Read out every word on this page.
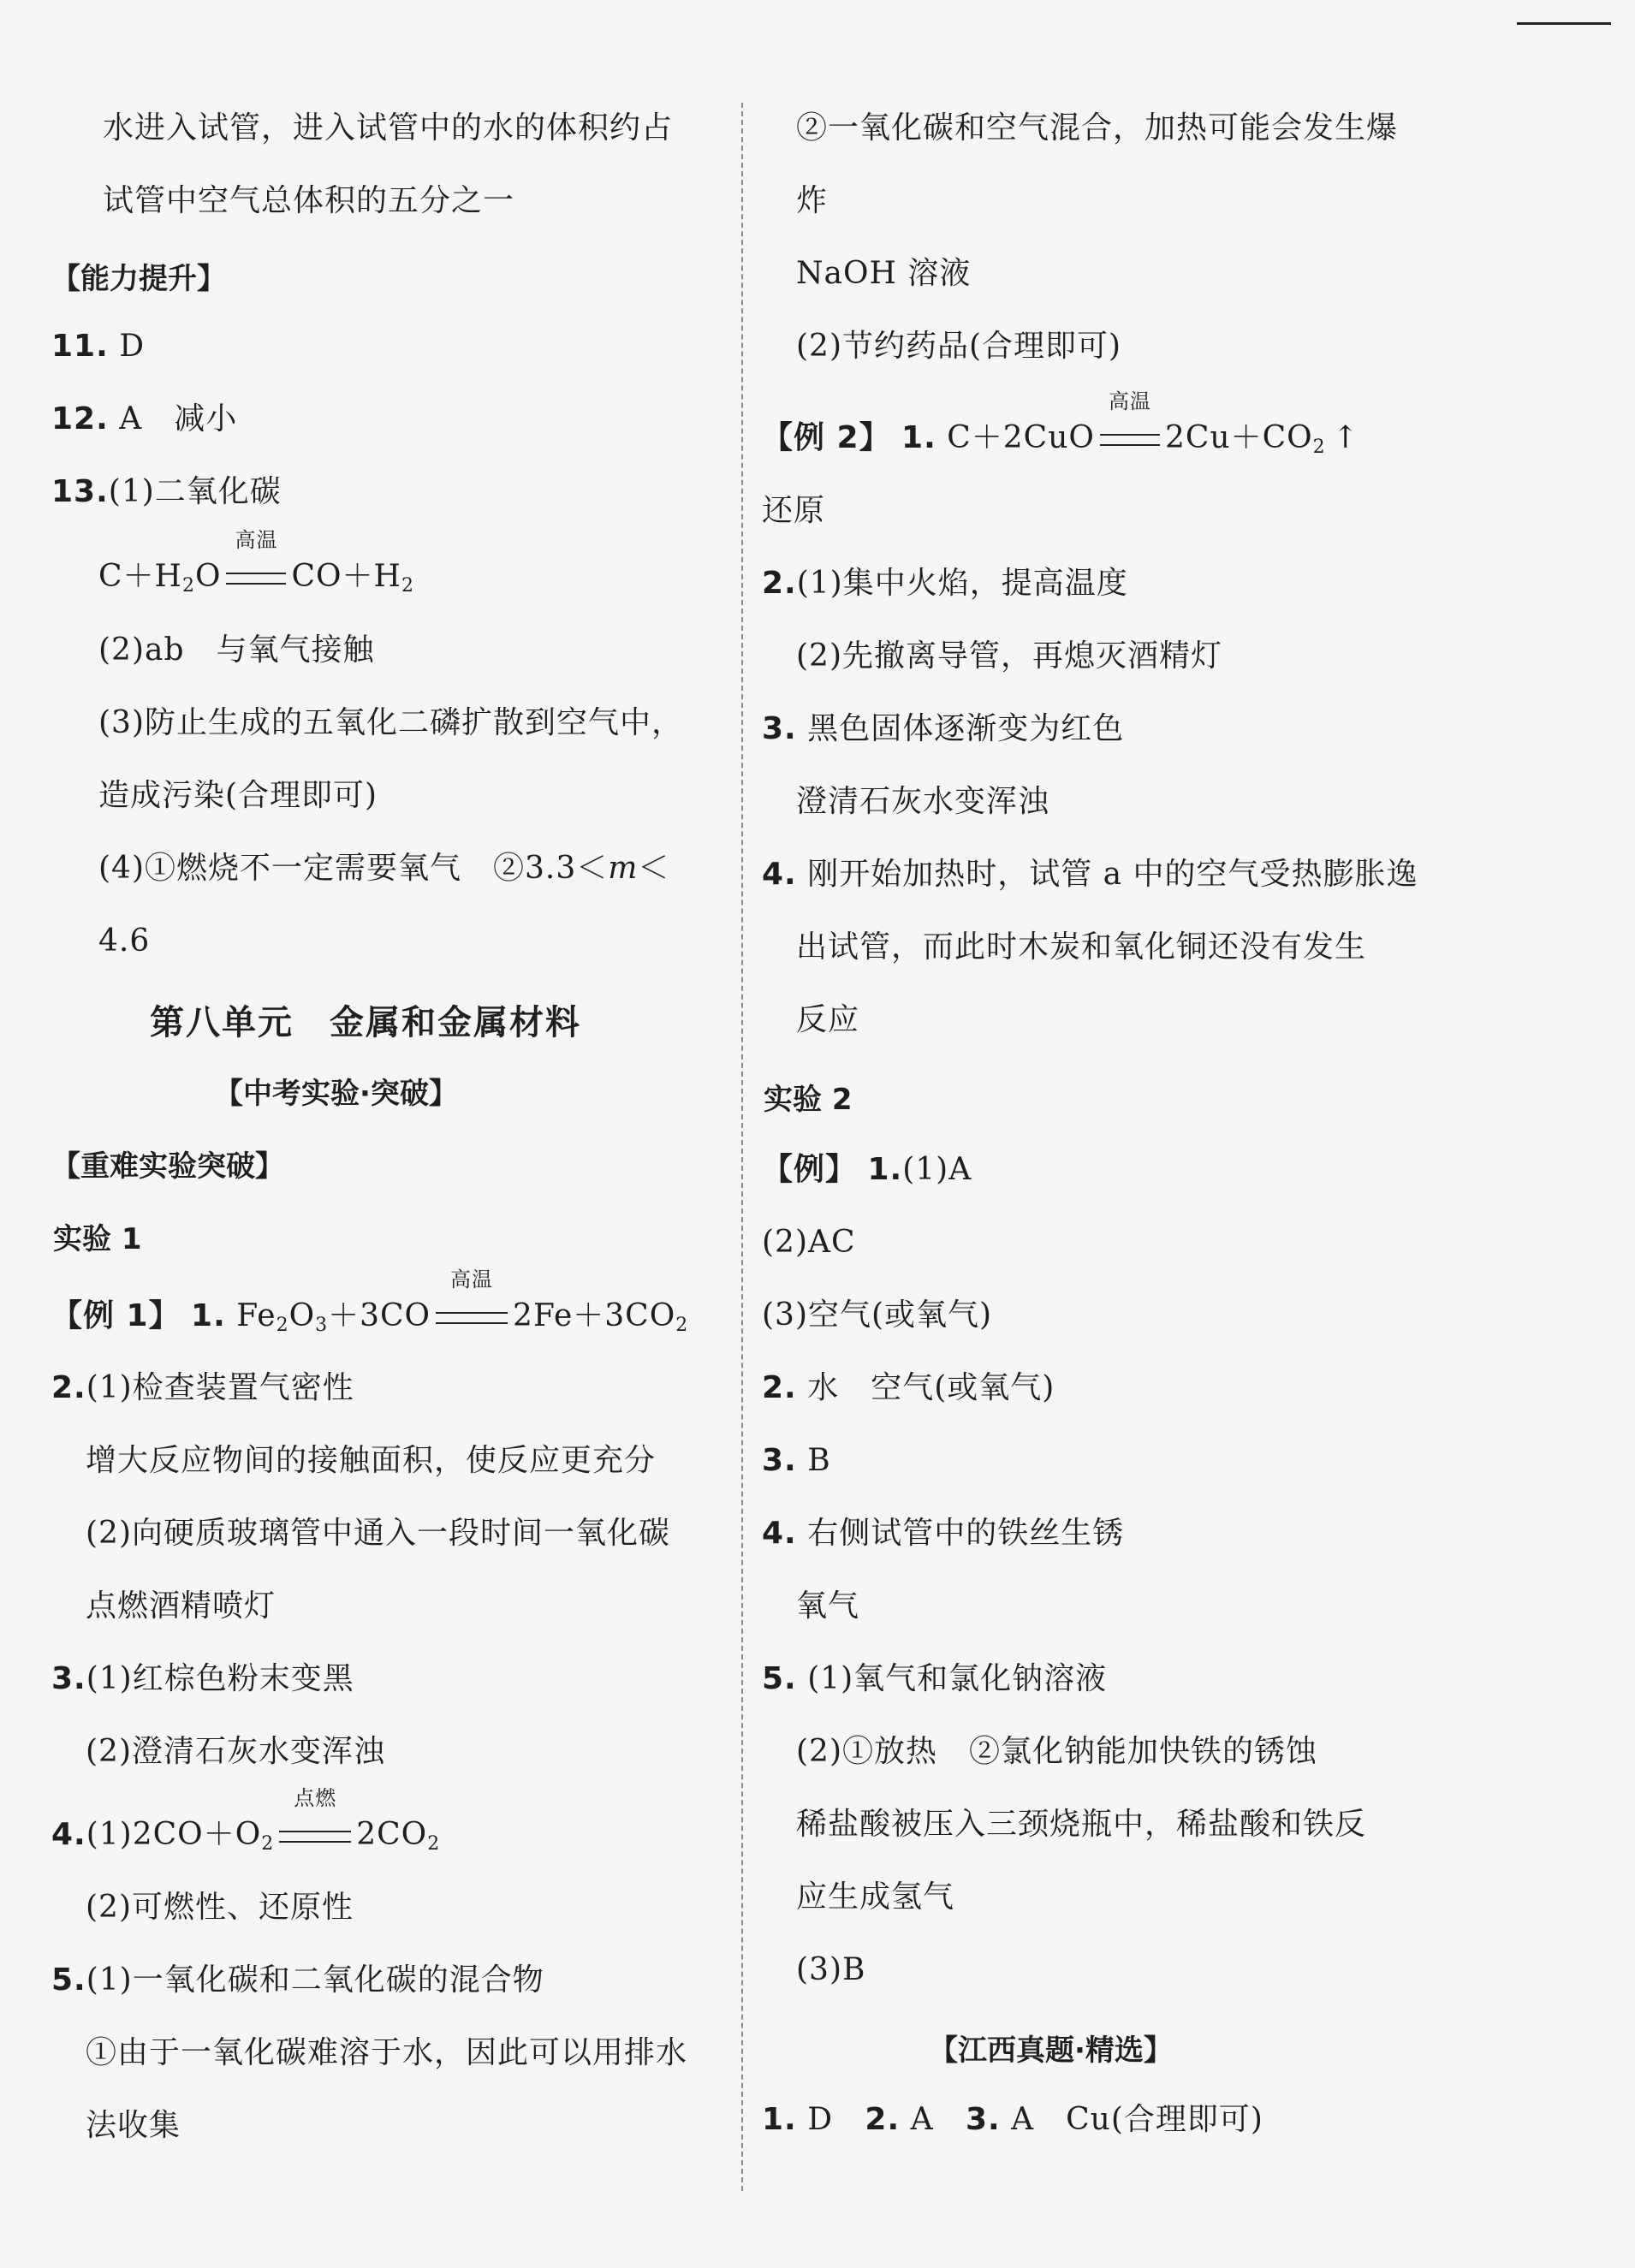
水进入试管，进入试管中的水的体积约占
试管中空气总体积的五分之一
【能力提升】
11. D
12. A　减小
13.(1)二氧化碳
$C+H_2O$
高温
$CO+H_2$
(2)ab　与氧气接触
(3)防止生成的五氧化二磷扩散到空气中，
造成污染(合理即可)
(4)①燃烧不一定需要氧气　②3.3＜m＜
4.6
第八单元　金属和金属材料
【中考实验·突破】
【重难实验突破】
实验 1
【例 1】 1. $Fe_2O_3+3CO$
高温
$2Fe+3CO_2$
2.(1)检查装置气密性
增大反应物间的接触面积，使反应更充分
(2)向硬质玻璃管中通入一段时间一氧化碳
点燃酒精喷灯
3.(1)红棕色粉末变黑
(2)澄清石灰水变浑浊
$4.(1)2CO+O_2$
点燃
$2CO_2$
(2)可燃性、还原性
5.(1)一氧化碳和二氧化碳的混合物
①由于一氧化碳难溶于水，因此可以用排水
法收集
②一氧化碳和空气混合，加热可能会发生爆
炸
NaOH 溶液
(2)节约药品(合理即可)
【例 2】 1. C＋2CuO
高温
$2Cu+CO_2$ ↑
还原
2.(1)集中火焰，提高温度
(2)先撤离导管，再熄灭酒精灯
3. 黑色固体逐渐变为红色
澄清石灰水变浑浊
4. 刚开始加热时，试管 a 中的空气受热膨胀逸
出试管，而此时木炭和氧化铜还没有发生
反应
实验 2
【例】 1.(1)A
(2)AC
(3)空气(或氧气)
2. 水　空气(或氧气)
3. B
4. 右侧试管中的铁丝生锈
氧气
5. (1)氧气和氯化钠溶液
(2)①放热　②氯化钠能加快铁的锈蚀
稀盐酸被压入三颈烧瓶中，稀盐酸和铁反
应生成氢气
(3)B
【江西真题·精选】
1. D 2. A 3. A　Cu(合理即可)
